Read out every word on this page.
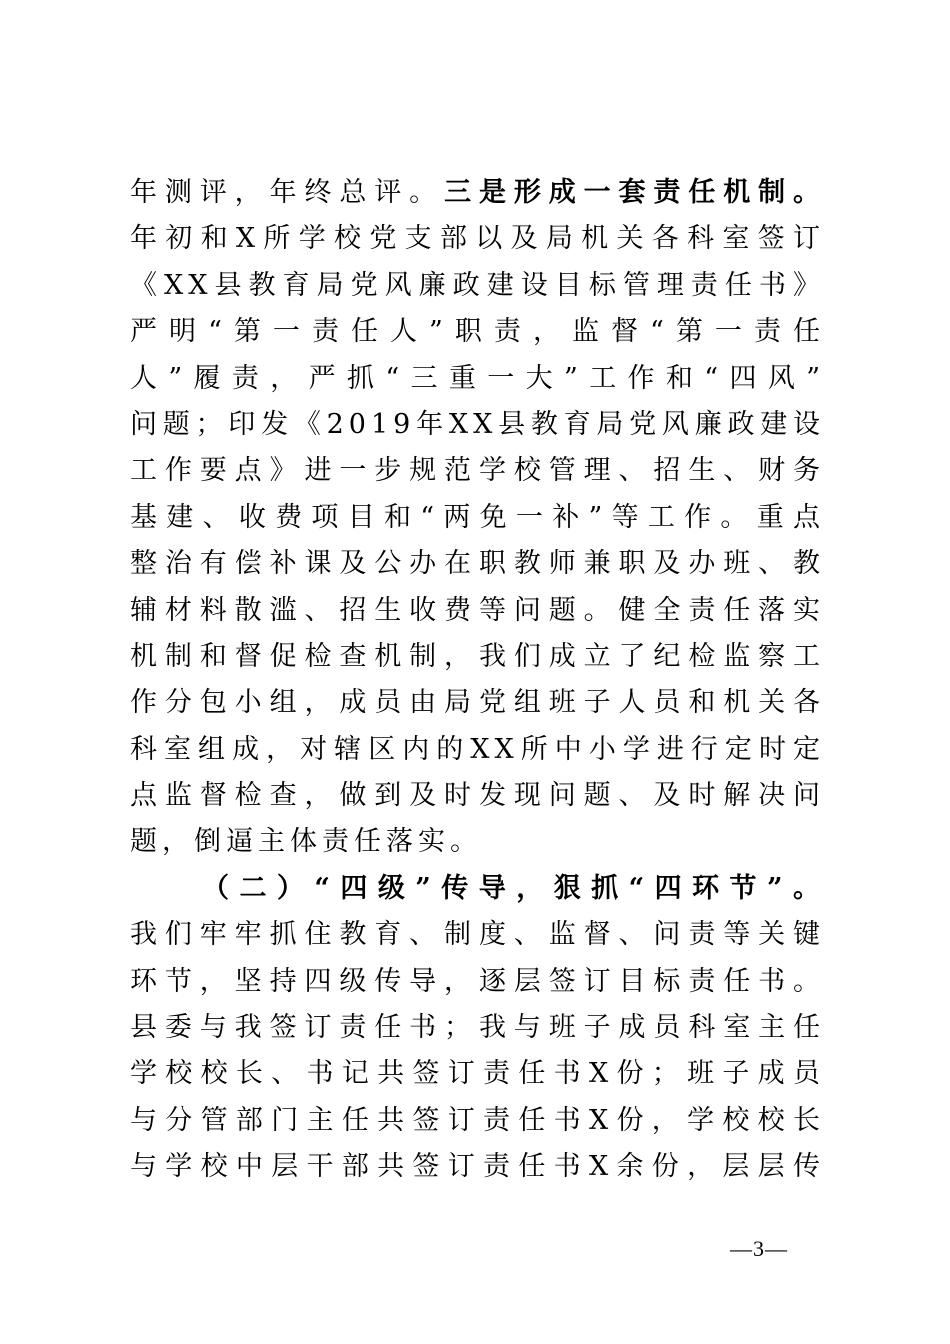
年测评，年终总评。三是形成一套责任机制。
年初和X所学校党支部以及局机关各科室签订
《XX县教育局党风廉政建设目标管理责任书》
严明“第一责任人”职责，监督“第一责任
人”履责，严抓“三重一大”工作和“四风”
问题；印发《2019年XX县教育局党风廉政建设
工作要点》进一步规范学校管理、招生、财务
基建、收费项目和“两免一补”等工作。重点
整治有偿补课及公办在职教师兼职及办班、教
辅材料散滥、招生收费等问题。健全责任落实
机制和督促检查机制，我们成立了纪检监察工
作分包小组，成员由局党组班子人员和机关各
科室组成，对辖区内的XX所中小学进行定时定
点监督检查，做到及时发现问题、及时解决问
题，倒逼主体责任落实。
（二）“四级”传导，狠抓“四环节”。
我们牢牢抓住教育、制度、监督、问责等关键
环节，坚持四级传导，逐层签订目标责任书。
县委与我签订责任书；我与班子成员科室主任
学校校长、书记共签订责任书X份；班子成员
与分管部门主任共签订责任书X份，学校校长
与学校中层干部共签订责任书X余份，层层传
—3—
